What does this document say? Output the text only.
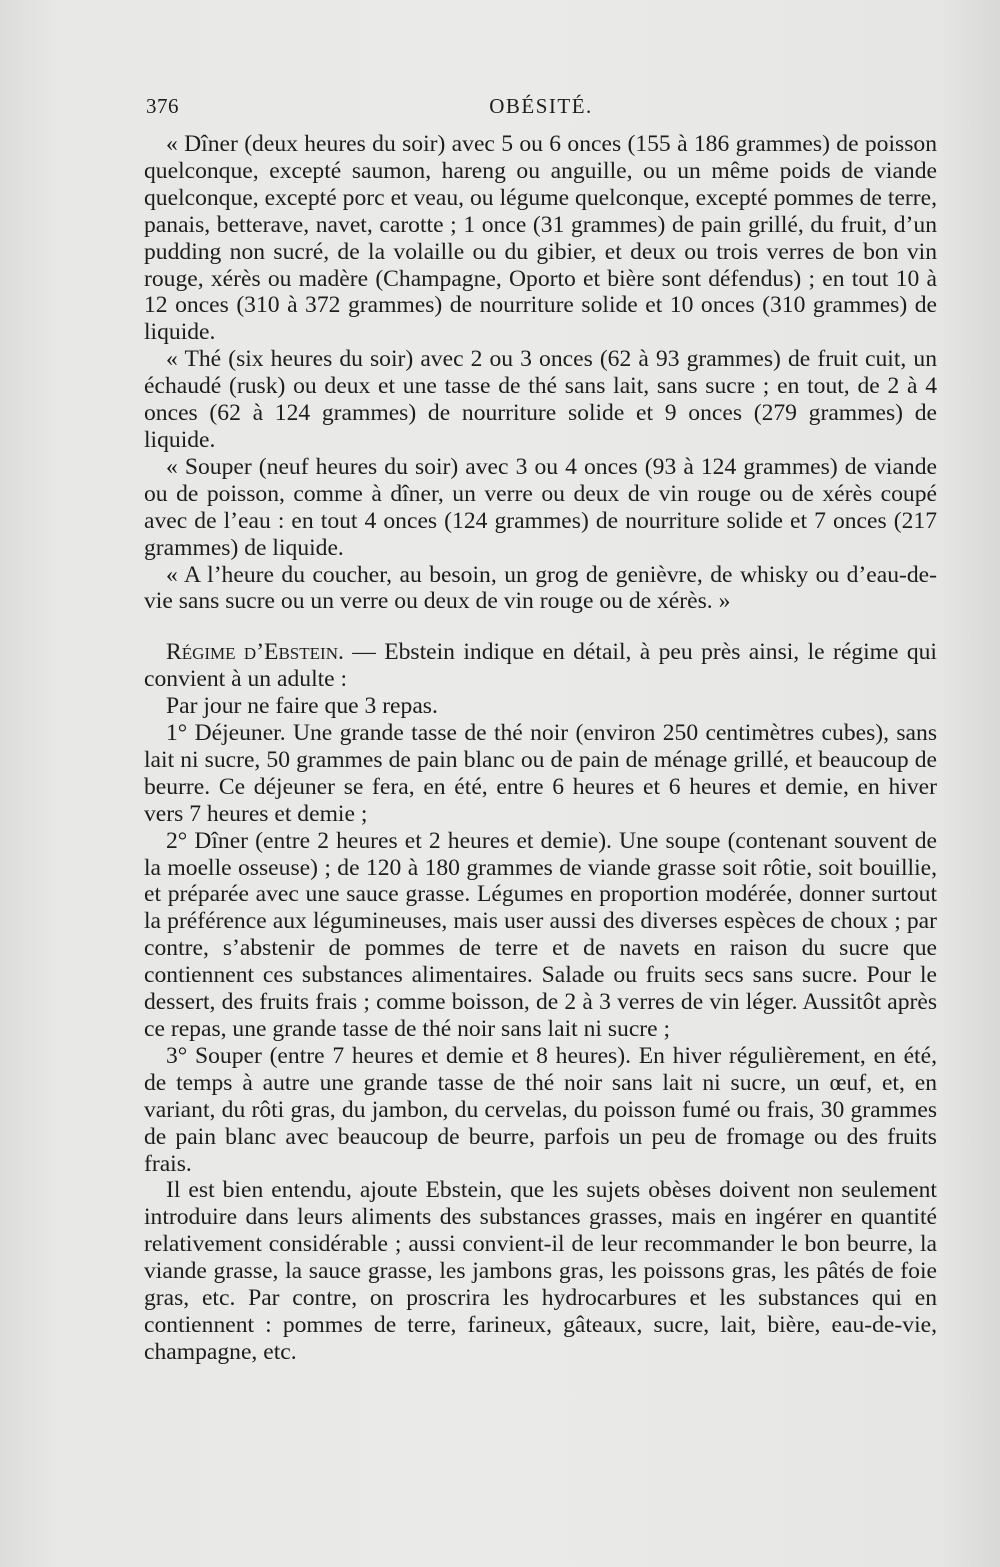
376	OBÉSITÉ.

« Dîner (deux heures du soir) avec 5 ou 6 onces (155 à 186 grammes) de poisson quelconque, excepté saumon, hareng ou anguille, ou un même poids de viande quelconque, excepté porc et veau, ou légume quelconque, excepté pommes de terre, panais, betterave, navet, carotte ; 1 once (31 grammes) de pain grillé, du fruit, d’un pudding non sucré, de la volaille ou du gibier, et deux ou trois verres de bon vin rouge, xérès ou madère (Champagne, Oporto et bière sont défendus) ; en tout 10 à 12 onces (310 à 372 grammes) de nourriture solide et 10 onces (310 grammes) de liquide.

« Thé (six heures du soir) avec 2 ou 3 onces (62 à 93 grammes) de fruit cuit, un échaudé (rusk) ou deux et une tasse de thé sans lait, sans sucre ; en tout, de 2 à 4 onces (62 à 124 grammes) de nourriture solide et 9 onces (279 grammes) de liquide.

« Souper (neuf heures du soir) avec 3 ou 4 onces (93 à 124 grammes) de viande ou de poisson, comme à dîner, un verre ou deux de vin rouge ou de xérès coupé avec de l’eau : en tout 4 onces (124 grammes) de nourriture solide et 7 onces (217 grammes) de liquide.

« A l’heure du coucher, au besoin, un grog de genièvre, de whisky ou d’eau-de-vie sans sucre ou un verre ou deux de vin rouge ou de xérès. »

Régime d’Ebstein. — Ebstein indique en détail, à peu près ainsi, le régime qui convient à un adulte :

Par jour ne faire que 3 repas.

1° Déjeuner. Une grande tasse de thé noir (environ 250 centimètres cubes), sans lait ni sucre, 50 grammes de pain blanc ou de pain de ménage grillé, et beaucoup de beurre. Ce déjeuner se fera, en été, entre 6 heures et 6 heures et demie, en hiver vers 7 heures et demie ;

2° Dîner (entre 2 heures et 2 heures et demie). Une soupe (contenant souvent de la moelle osseuse) ; de 120 à 180 grammes de viande grasse soit rôtie, soit bouillie, et préparée avec une sauce grasse. Légumes en proportion modérée, donner surtout la préférence aux légumineuses, mais user aussi des diverses espèces de choux ; par contre, s’abstenir de pommes de terre et de navets en raison du sucre que contiennent ces substances alimentaires. Salade ou fruits secs sans sucre. Pour le dessert, des fruits frais ; comme boisson, de 2 à 3 verres de vin léger. Aussitôt après ce repas, une grande tasse de thé noir sans lait ni sucre ;

3° Souper (entre 7 heures et demie et 8 heures). En hiver régulièrement, en été, de temps à autre une grande tasse de thé noir sans lait ni sucre, un œuf, et, en variant, du rôti gras, du jambon, du cervelas, du poisson fumé ou frais, 30 grammes de pain blanc avec beaucoup de beurre, parfois un peu de fromage ou des fruits frais.

Il est bien entendu, ajoute Ebstein, que les sujets obèses doivent non seulement introduire dans leurs aliments des substances grasses, mais en ingérer en quantité relativement considérable ; aussi convient-il de leur recommander le bon beurre, la viande grasse, la sauce grasse, les jambons gras, les poissons gras, les pâtés de foie gras, etc. Par contre, on proscrira les hydrocarbures et les substances qui en contiennent : pommes de terre, farineux, gâteaux, sucre, lait, bière, eau-de-vie, champagne, etc.
